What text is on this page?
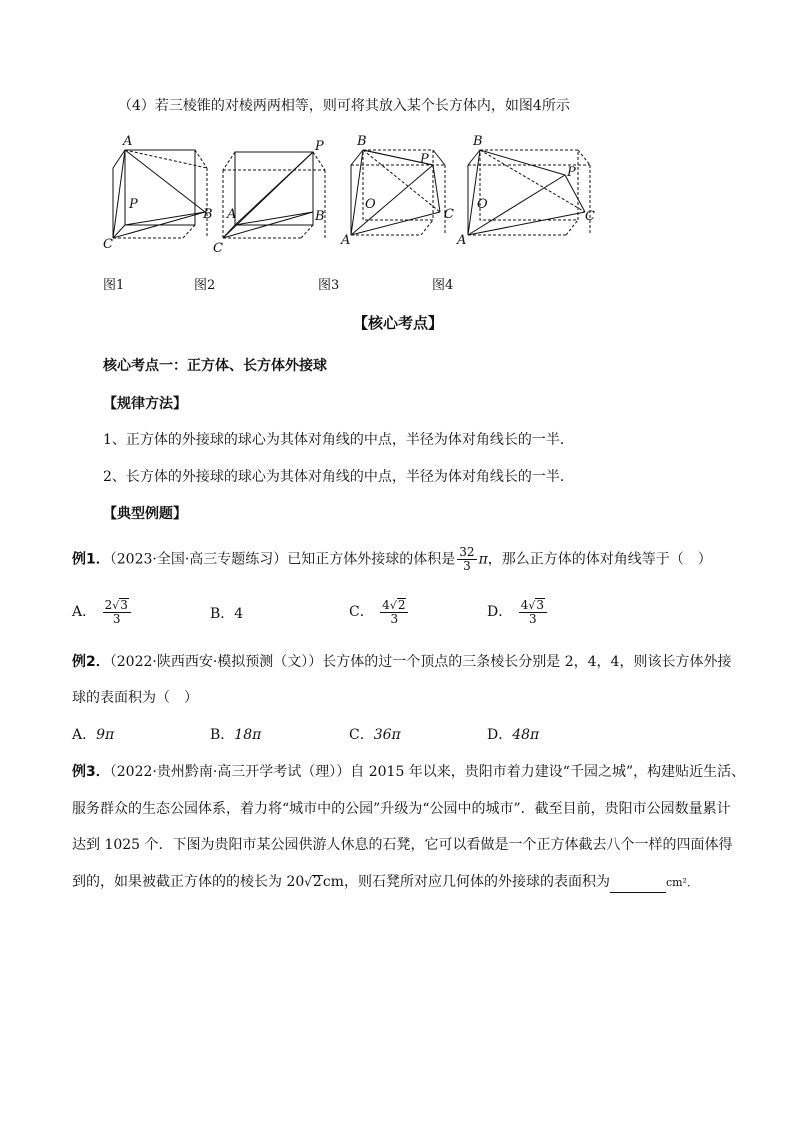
（4）若三棱锥的对棱两两相等，则可将其放入某个长方体内，如图4所示
A
P
B
C
P
A	B
C
B
P
O
C
A
B
P
O
C
A
图1	图2	图3	图4
【核心考点】
核心考点一：正方体、长方体外接球
【规律方法】
1、正方体的外接球的球心为其体对角线的中点，半径为体对角线长的一半．
2、长方体的外接球的球心为其体对角线的中点，半径为体对角线长的一半．
【典型例题】
例1．（2023·全国·高三专题练习）已知正方体外接球的体积是 $\frac{32}{3}$ π，那么正方体的体对角线等于（　）
A． $\frac{2√3}{3}$	B．4	C． $\frac{4√2}{3}$	D． $\frac{4√3}{3}$
例2．（2022·陕西西安·模拟预测（文））长方体的过一个顶点的三条棱长分别是 2，4，4，则该长方体外接
球的表面积为（　）
A．9π	B．18π	C．36π	D．48π
例3．（2022·贵州黔南·高三开学考试（理））自 2015 年以来，贵阳市着力建设“千园之城”，构建贴近生活、
服务群众的生态公园体系，着力将“城市中的公园”升级为“公园中的城市”．截至目前，贵阳市公园数量累计
达到 1025 个．下图为贵阳市某公园供游人休息的石凳，它可以看做是一个正方体截去八个一样的四面体得
到的，如果被截正方体的的棱长为 20√2cm，则石凳所对应几何体的外接球的表面积为	cm²．
